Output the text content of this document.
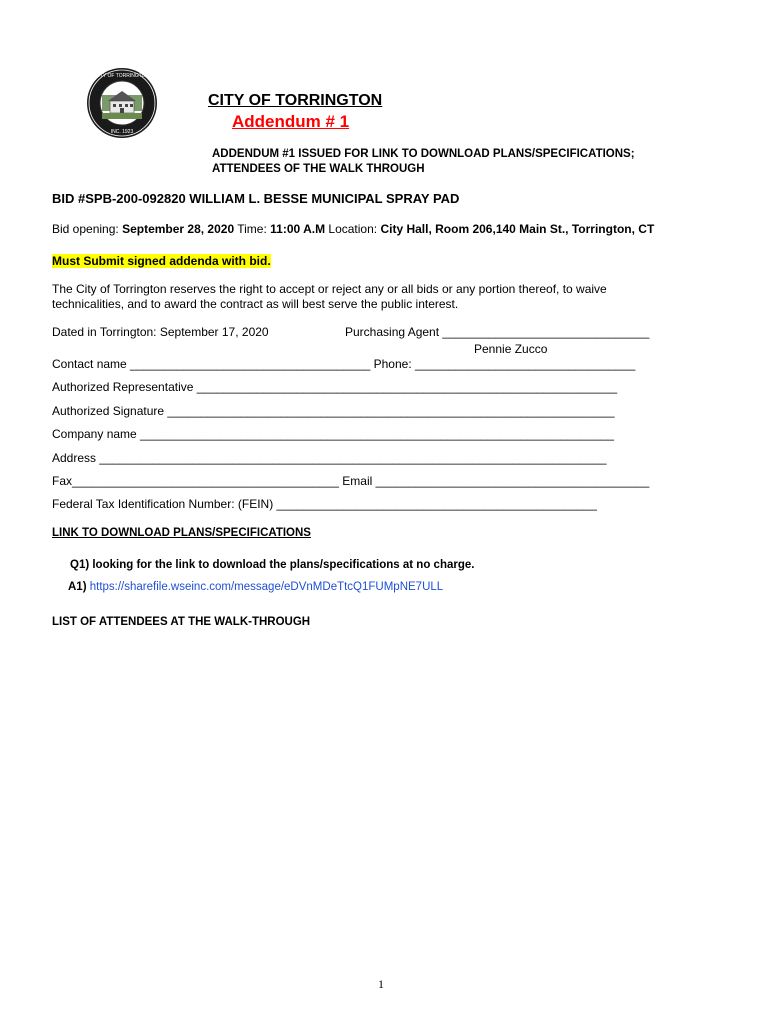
CITY OF TORRINGTON
INC. 1923
CITY OF TORRINGTON
Addendum # 1
ADDENDUM #1 ISSUED FOR LINK TO DOWNLOAD PLANS/SPECIFICATIONS;
ATTENDEES OF THE WALK THROUGH
BID #SPB-200-092820 WILLIAM L. BESSE MUNICIPAL SPRAY PAD
Bid opening: September 28, 2020 Time: 11:00 A.M Location: City Hall, Room 206,140 Main St., Torrington, CT
Must Submit signed addenda with bid.
The City of Torrington reserves the right to accept or reject any or all bids or any portion thereof, to waive
technicalities, and to award the contract as will best serve the public interest.
Dated in Torrington: September 17, 2020	Purchasing Agent _______________________________
Pennie Zucco
Contact name ____________________________________ Phone: _________________________________
Authorized Representative _______________________________________________________________
Authorized Signature ___________________________________________________________________
Company name _______________________________________________________________________
Address ____________________________________________________________________________
Fax________________________________________ Email _________________________________________
Federal Tax Identification Number: (FEIN) ________________________________________________
LINK TO DOWNLOAD PLANS/SPECIFICATIONS
Q1) looking for the link to download the plans/specifications at no charge.
A1) https://sharefile.wseinc.com/message/eDVnMDeTtcQ1FUMpNE7ULL
LIST OF ATTENDEES AT THE WALK-THROUGH
1
